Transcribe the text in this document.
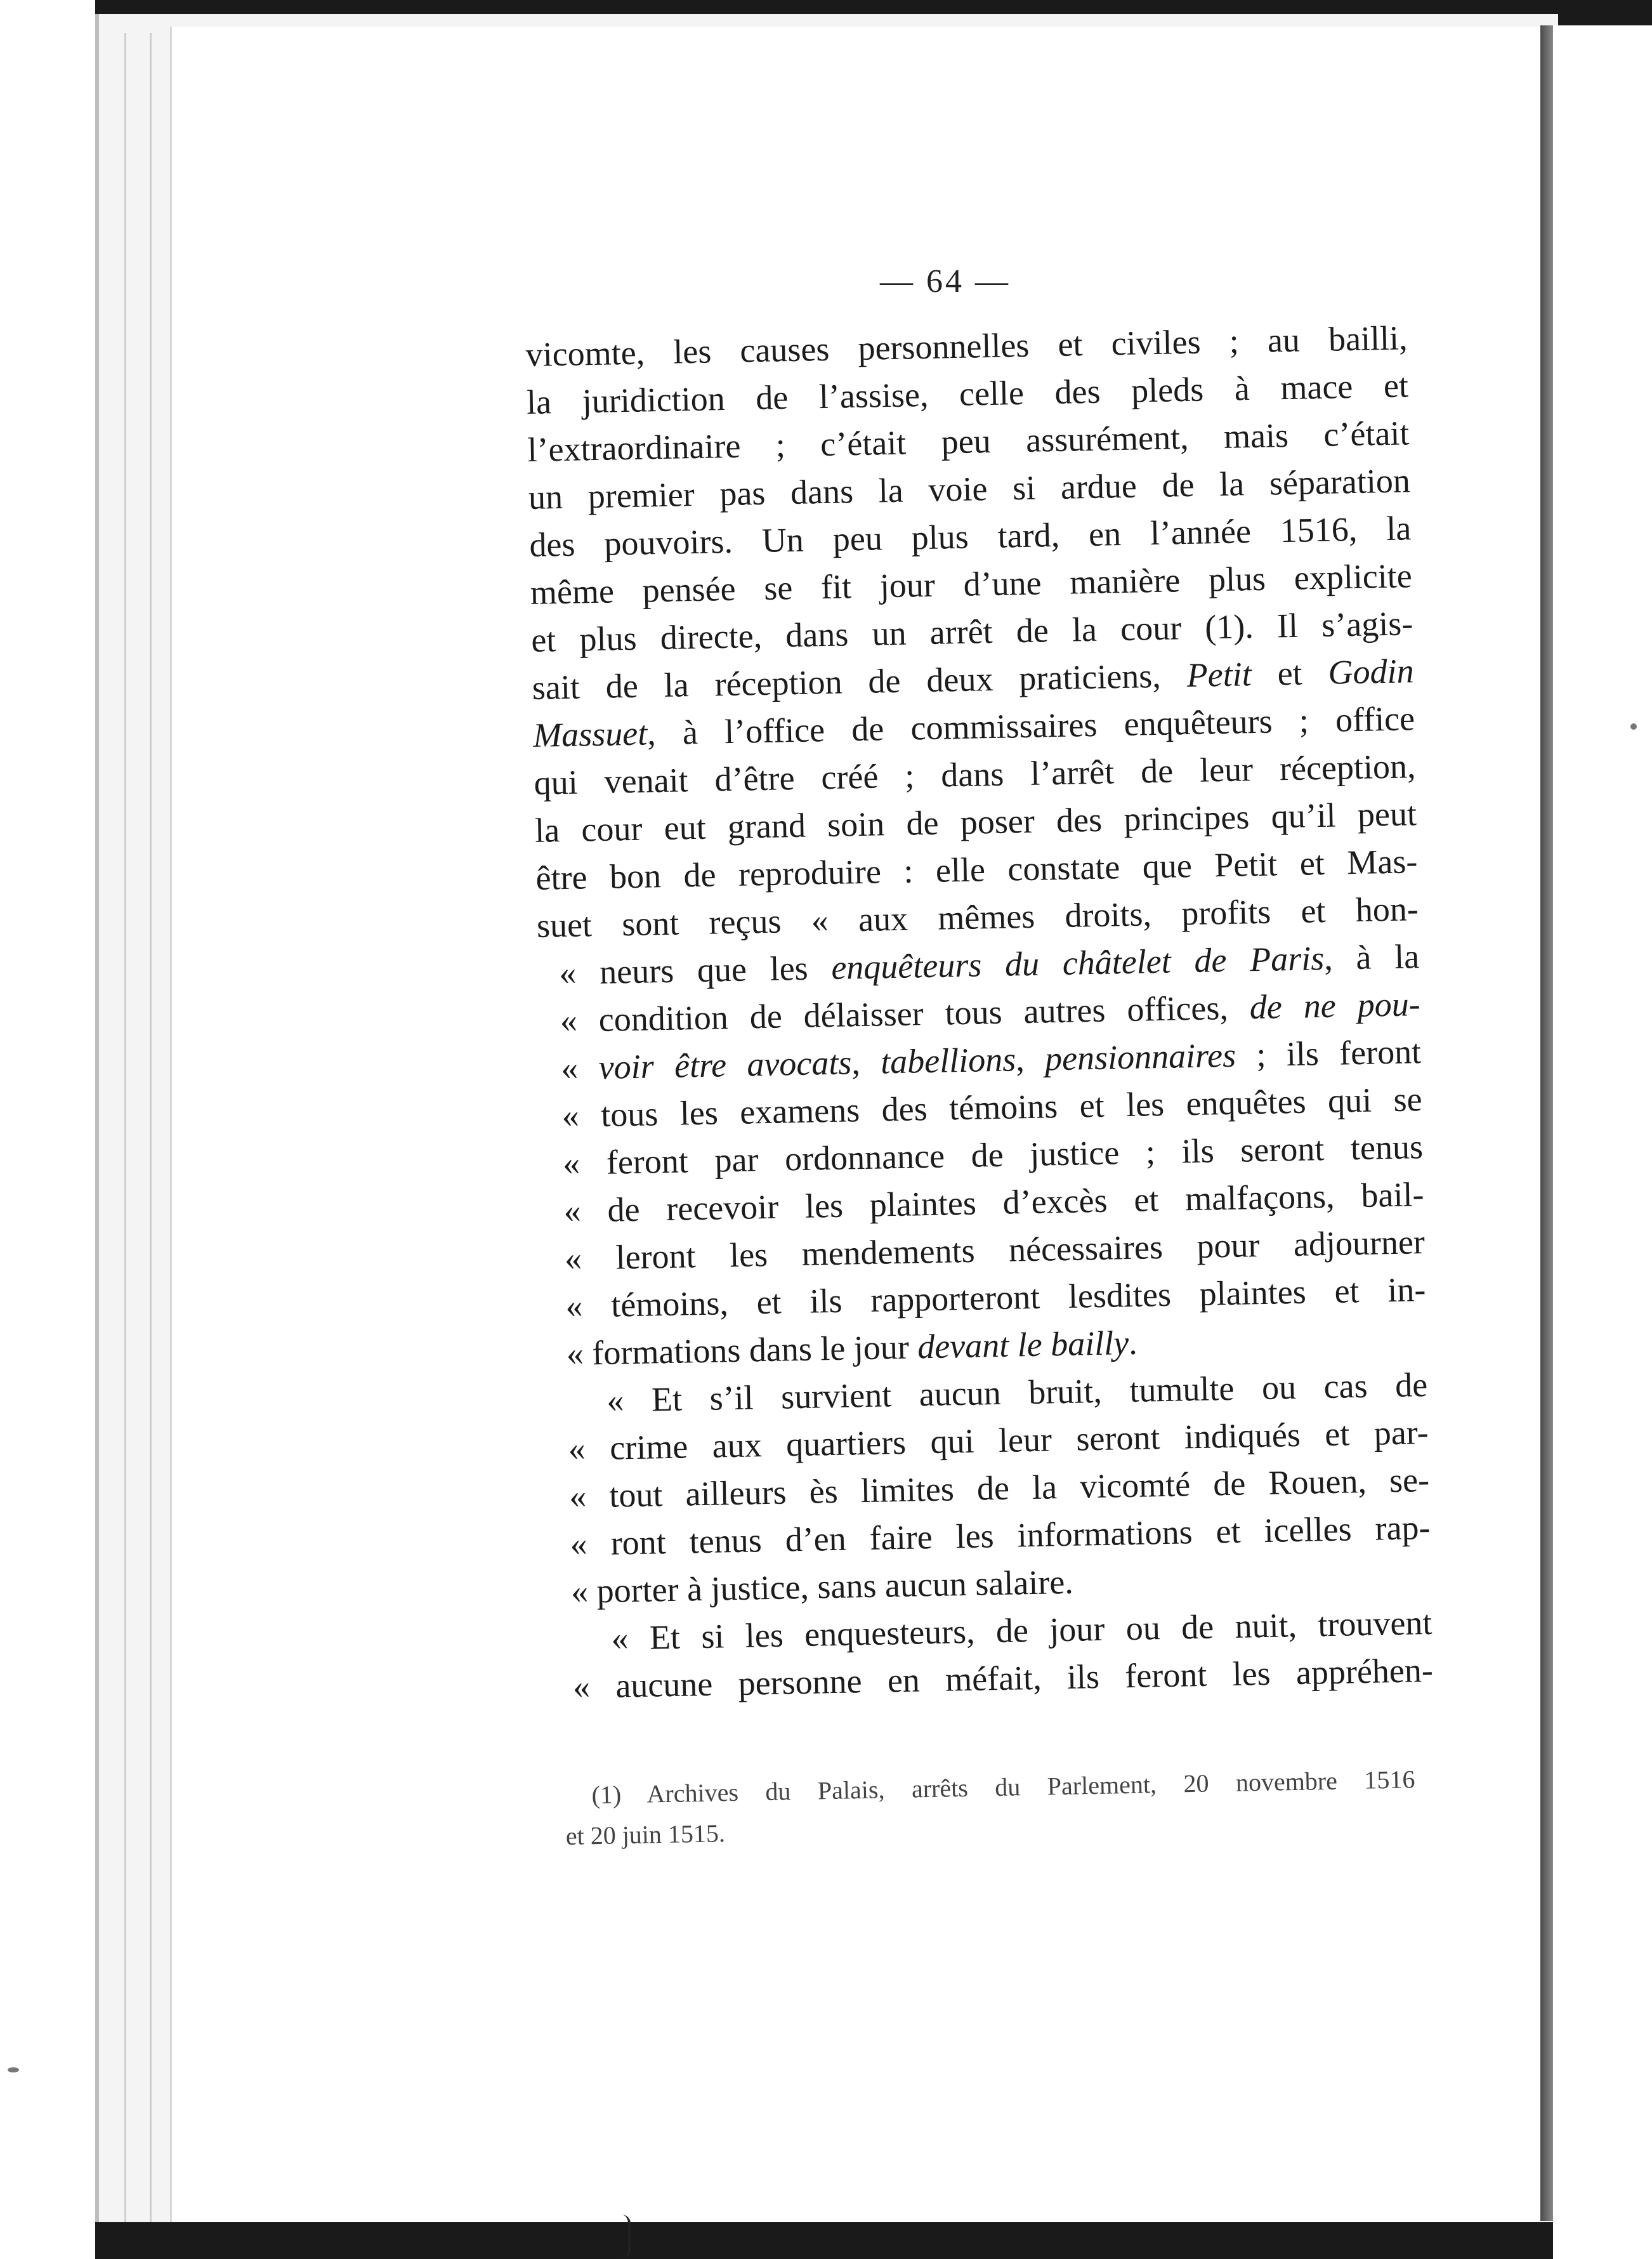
— 64 —
vicomte, les causes personnelles et civiles ; au bailli,
la juridiction de l’assise, celle des pleds à mace et
l’extraordinaire ; c’était peu assurément, mais c’était
un premier pas dans la voie si ardue de la séparation
des pouvoirs. Un peu plus tard, en l’année 1516, la
même pensée se fit jour d’une manière plus explicite
et plus directe, dans un arrêt de la cour (1). Il s’agis-
sait de la réception de deux praticiens, Petit et Godin
Massuet, à l’office de commissaires enquêteurs ; office
qui venait d’être créé ; dans l’arrêt de leur réception,
la cour eut grand soin de poser des principes qu’il peut
être bon de reproduire : elle constate que Petit et Mas-
suet sont reçus « aux mêmes droits, profits et hon-
« neurs que les enquêteurs du châtelet de Paris, à la
« condition de délaisser tous autres offices, de ne pou-
« voir être avocats, tabellions, pensionnaires ; ils feront
« tous les examens des témoins et les enquêtes qui se
« feront par ordonnance de justice ; ils seront tenus
« de recevoir les plaintes d’excès et malfaçons, bail-
« leront les mendements nécessaires pour adjourner
« témoins, et ils rapporteront lesdites plaintes et in-
« formations dans le jour devant le bailly.
« Et s’il survient aucun bruit, tumulte ou cas de
« crime aux quartiers qui leur seront indiqués et par-
« tout ailleurs ès limites de la vicomté de Rouen, se-
« ront tenus d’en faire les informations et icelles rap-
« porter à justice, sans aucun salaire.
« Et si les enquesteurs, de jour ou de nuit, trouvent
« aucune personne en méfait, ils feront les appréhen-
(1) Archives du Palais, arrêts du Parlement, 20 novembre 1516
et 20 juin 1515.
